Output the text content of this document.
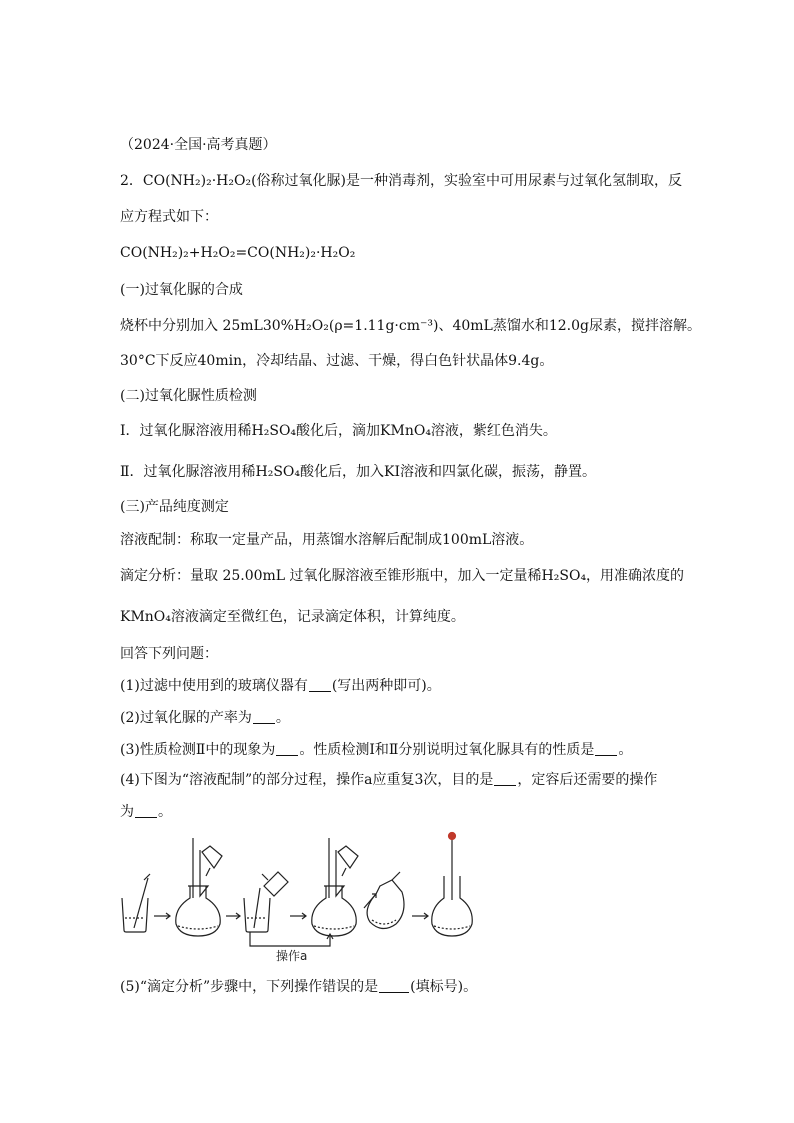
（2024·全国·高考真题）
2．CO(NH₂)₂·H₂O₂(俗称过氧化脲)是一种消毒剂，实验室中可用尿素与过氧化氢制取，反
应方程式如下：
CO(NH₂)₂+H₂O₂=CO(NH₂)₂·H₂O₂
(一)过氧化脲的合成
烧杯中分别加入 25mL30%H₂O₂(ρ=1.11g·cm⁻³)、40mL蒸馏水和12.0g尿素，搅拌溶解。
30°C下反应40min，冷却结晶、过滤、干燥，得白色针状晶体9.4g。
(二)过氧化脲性质检测
I．过氧化脲溶液用稀H₂SO₄酸化后，滴加KMnO₄溶液，紫红色消失。
Ⅱ．过氧化脲溶液用稀H₂SO₄酸化后，加入KI溶液和四氯化碳，振荡，静置。
(三)产品纯度测定
溶液配制：称取一定量产品，用蒸馏水溶解后配制成100mL溶液。
滴定分析：量取 25.00mL 过氧化脲溶液至锥形瓶中，加入一定量稀H₂SO₄，用准确浓度的
KMnO₄溶液滴定至微红色，记录滴定体积，计算纯度。
回答下列问题：
(1)过滤中使用到的玻璃仪器有 (写出两种即可)。
(2)过氧化脲的产率为 。
(3)性质检测Ⅱ中的现象为 。性质检测I和Ⅱ分别说明过氧化脲具有的性质是 。
(4)下图为“溶液配制”的部分过程，操作a应重复3次，目的是 ，定容后还需要的操作
为 。
操作a
(5)“滴定分析”步骤中，下列操作错误的是 (填标号)。
